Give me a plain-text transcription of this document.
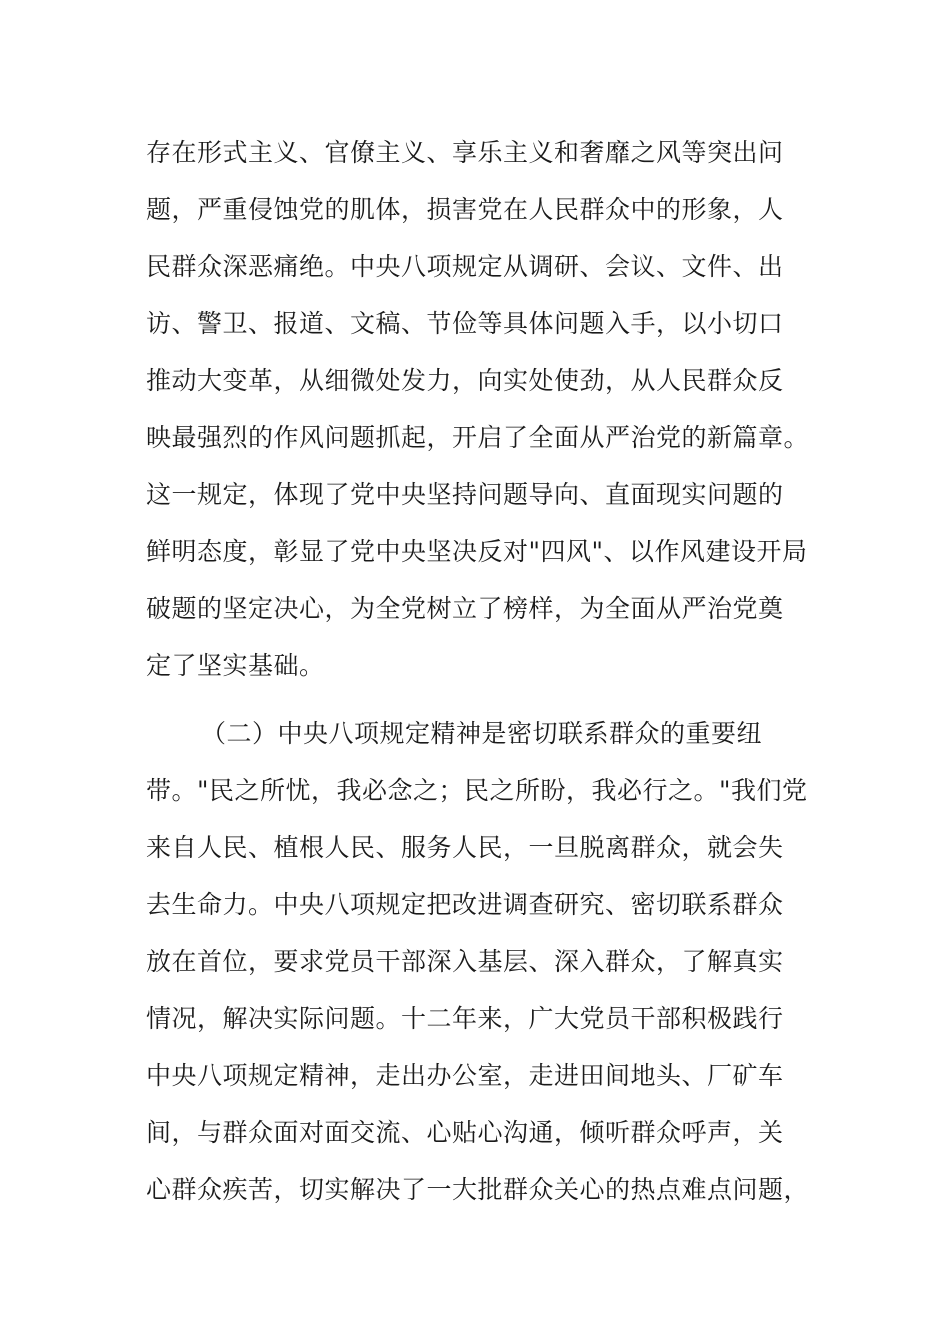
存在形式主义、官僚主义、享乐主义和奢靡之风等突出问
题，严重侵蚀党的肌体，损害党在人民群众中的形象，人
民群众深恶痛绝。中央八项规定从调研、会议、文件、出
访、警卫、报道、文稿、节俭等具体问题入手，以小切口
推动大变革，从细微处发力，向实处使劲，从人民群众反
映最强烈的作风问题抓起，开启了全面从严治党的新篇章。
这一规定，体现了党中央坚持问题导向、直面现实问题的
鲜明态度，彰显了党中央坚决反对"四风"、以作风建设开局
破题的坚定决心，为全党树立了榜样，为全面从严治党奠
定了坚实基础。
（二）中央八项规定精神是密切联系群众的重要纽
带。"民之所忧，我必念之；民之所盼，我必行之。"我们党
来自人民、植根人民、服务人民，一旦脱离群众，就会失
去生命力。中央八项规定把改进调查研究、密切联系群众
放在首位，要求党员干部深入基层、深入群众，了解真实
情况，解决实际问题。十二年来，广大党员干部积极践行
中央八项规定精神，走出办公室，走进田间地头、厂矿车
间，与群众面对面交流、心贴心沟通，倾听群众呼声，关
心群众疾苦，切实解决了一大批群众关心的热点难点问题，
